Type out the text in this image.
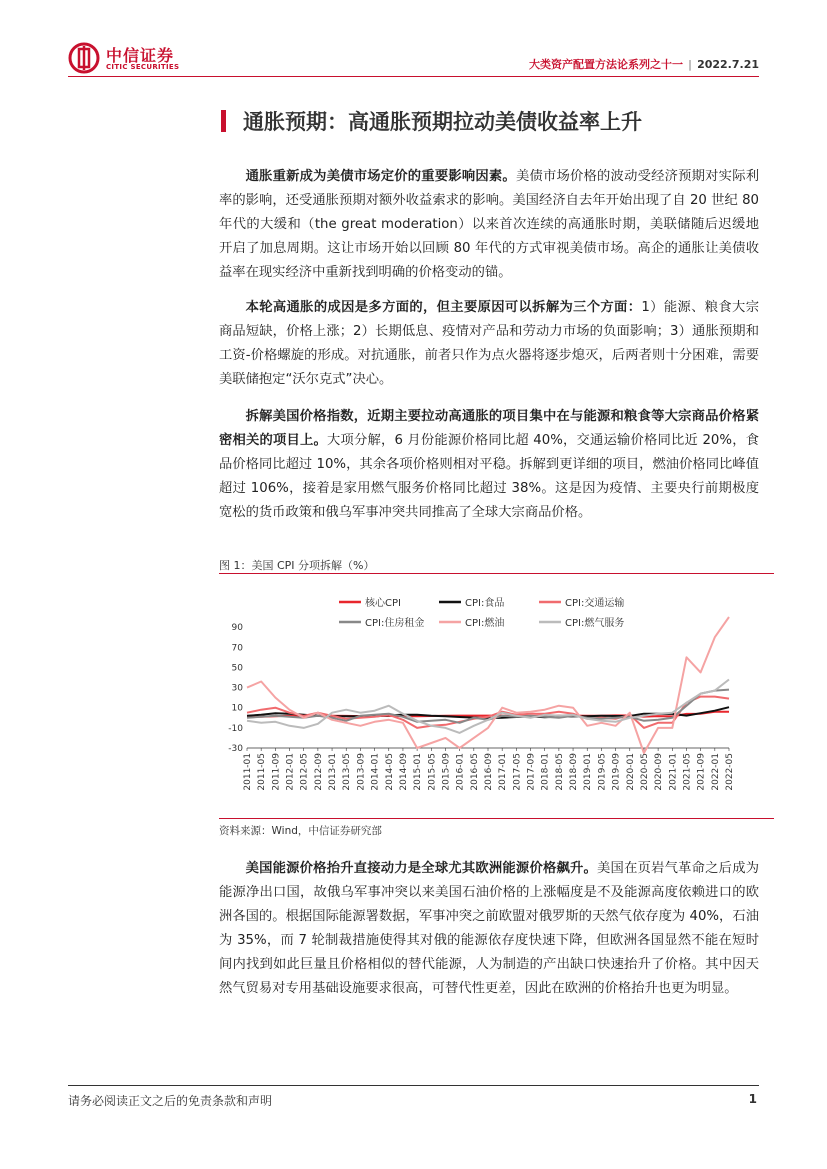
中信证券
CITIC SECURITIES	大类资产配置方法论系列之十一 | 2022.7.21
通胀预期：高通胀预期拉动美债收益率上升

通胀重新成为美债市场定价的重要影响因素。美债市场价格的波动受经济预期对实际利率的影响，还受通胀预期对额外收益索求的影响。美国经济自去年开始出现了自 20 世纪 80 年代的大缓和（the great moderation）以来首次连续的高通胀时期，美联储随后迟缓地开启了加息周期。这让市场开始以回顾 80 年代的方式审视美债市场。高企的通胀让美债收益率在现实经济中重新找到明确的价格变动的锚。

本轮高通胀的成因是多方面的，但主要原因可以拆解为三个方面：1）能源、粮食大宗商品短缺，价格上涨；2）长期低息、疫情对产品和劳动力市场的负面影响；3）通胀预期和工资-价格螺旋的形成。对抗通胀，前者只作为点火器将逐步熄灭，后两者则十分困难，需要美联储抱定“沃尔克式”决心。

拆解美国价格指数，近期主要拉动高通胀的项目集中在与能源和粮食等大宗商品价格紧密相关的项目上。大项分解，6 月份能源价格同比超 40%，交通运输价格同比近 20%，食品价格同比超过 10%，其余各项价格则相对平稳。拆解到更详细的项目，燃油价格同比峰值超过 106%，接着是家用燃气服务价格同比超过 38%。这是因为疫情、主要央行前期极度宽松的货币政策和俄乌军事冲突共同推高了全球大宗商品价格。

图 1：美国 CPI 分项拆解（%）
-30
-10
10
30
50
70
90
2011-01 2011-05 2011-09 2012-01 2012-05 2012-09 2013-01 2013-05 2013-09 2014-01 2014-05 2014-09 2015-01 2015-05 2015-09 2016-01 2016-05 2016-09 2017-01 2017-05 2017-09 2018-01 2018-05 2018-09 2019-01 2019-05 2019-09 2020-01 2020-05 2020-09 2021-01 2021-05 2021-09 2022-01 2022-05
核心CPI	CPI:食品	CPI:交通运输
CPI:住房租金	CPI:燃油	CPI:燃气服务
资料来源：Wind，中信证券研究部

美国能源价格抬升直接动力是全球尤其欧洲能源价格飙升。美国在页岩气革命之后成为能源净出口国，故俄乌军事冲突以来美国石油价格的上涨幅度是不及能源高度依赖进口的欧洲各国的。根据国际能源署数据，军事冲突之前欧盟对俄罗斯的天然气依存度为 40%，石油为 35%，而 7 轮制裁措施使得其对俄的能源依存度快速下降，但欧洲各国显然不能在短时间内找到如此巨量且价格相似的替代能源，人为制造的产出缺口快速抬升了价格。其中因天然气贸易对专用基础设施要求很高，可替代性更差，因此在欧洲的价格抬升也更为明显。

请务必阅读正文之后的免责条款和声明	1
